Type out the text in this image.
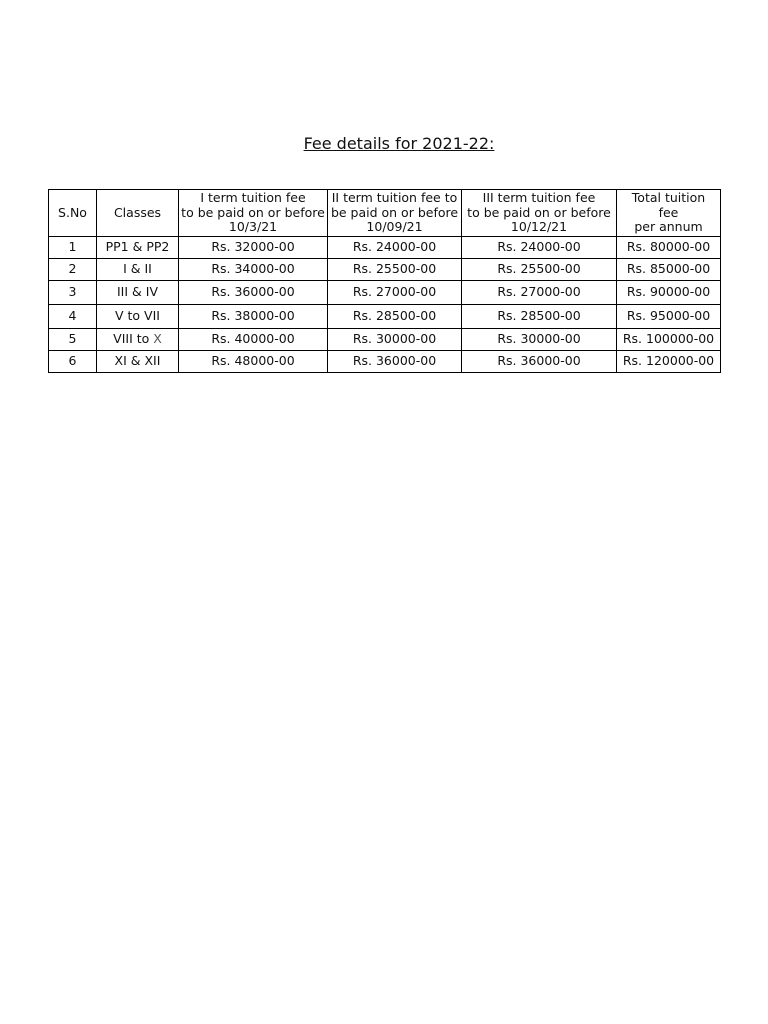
Fee details for 2021-22:
S.No	Classes	I term tuition fee
to be paid on or before
10/3/21	II term tuition fee to
be paid on or before
10/09/21	III term tuition fee
to be paid on or before
10/12/21	Total tuition
fee
per annum

1	PP1 & PP2	Rs. 32000-00	Rs. 24000-00	Rs. 24000-00	Rs. 80000-00
2	I & II	Rs. 34000-00	Rs. 25500-00	Rs. 25500-00	Rs. 85000-00
3	III & IV	Rs. 36000-00	Rs. 27000-00	Rs. 27000-00	Rs. 90000-00
4	V to VII	Rs. 38000-00	Rs. 28500-00	Rs. 28500-00	Rs. 95000-00
5	VIII to X	Rs. 40000-00	Rs. 30000-00	Rs. 30000-00	Rs. 100000-00
6	XI & XII	Rs. 48000-00	Rs. 36000-00	Rs. 36000-00	Rs. 120000-00
